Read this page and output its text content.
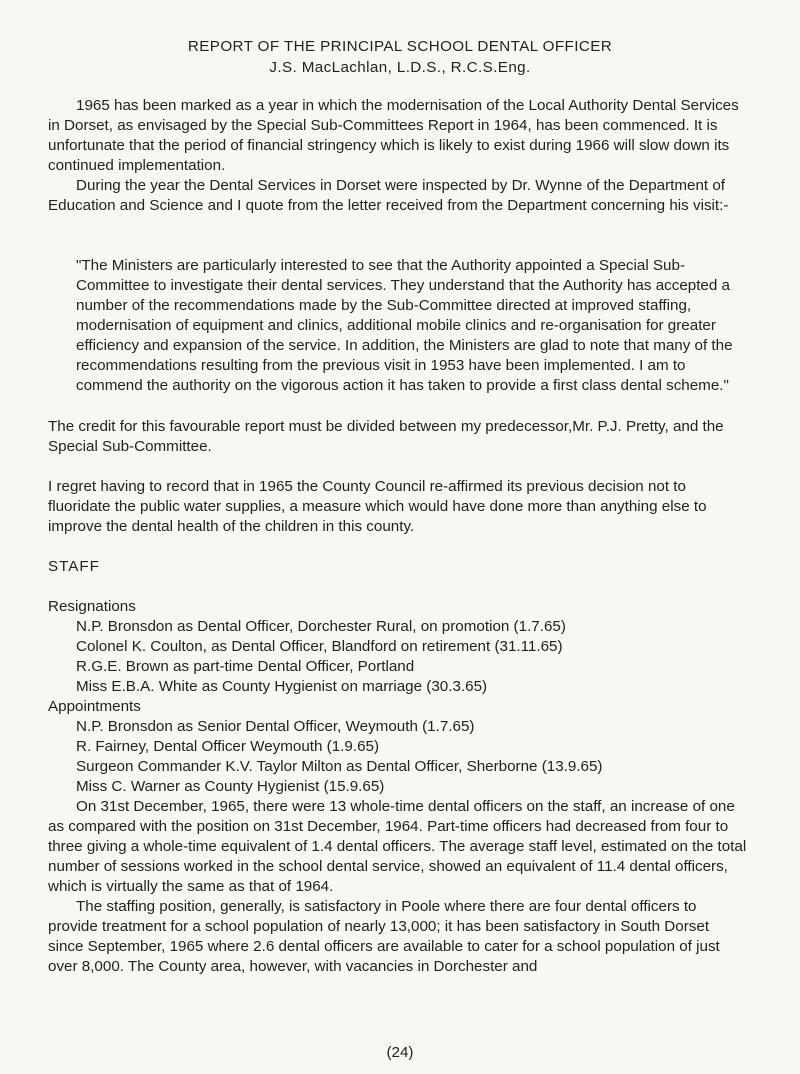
REPORT OF THE PRINCIPAL SCHOOL DENTAL OFFICER
J.S. MacLachlan, L.D.S., R.C.S.Eng.

1965 has been marked as a year in which the modernisation of the Local Authority Dental Services in Dorset, as envisaged by the Special Sub-Committees Report in 1964, has been commenced. It is unfortunate that the period of financial stringency which is likely to exist during 1966 will slow down its continued implementation.

During the year the Dental Services in Dorset were inspected by Dr. Wynne of the Department of Education and Science and I quote from the letter received from the Department concerning his visit:-

"The Ministers are particularly interested to see that the Authority appointed a Special Sub-Committee to investigate their dental services. They understand that the Authority has accepted a number of the recommendations made by the Sub-Committee directed at improved staffing, modernisation of equipment and clinics, additional mobile clinics and re-organisation for greater efficiency and expansion of the service. In addition, the Ministers are glad to note that many of the recommendations resulting from the previous visit in 1953 have been implemented. I am to commend the authority on the vigorous action it has taken to provide a first class dental scheme."

The credit for this favourable report must be divided between my predecessor,Mr. P.J. Pretty, and the Special Sub-Committee.

I regret having to record that in 1965 the County Council re-affirmed its previous decision not to fluoridate the public water supplies, a measure which would have done more than anything else to improve the dental health of the children in this county.

STAFF
Resignations
N.P. Bronsdon as Dental Officer, Dorchester Rural, on promotion (1.7.65)
Colonel K. Coulton, as Dental Officer, Blandford on retirement (31.11.65)
R.G.E. Brown as part-time Dental Officer, Portland
Miss E.B.A. White as County Hygienist on marriage (30.3.65)
Appointments
N.P. Bronsdon as Senior Dental Officer, Weymouth (1.7.65)
R. Fairney, Dental Officer Weymouth (1.9.65)
Surgeon Commander K.V. Taylor Milton as Dental Officer, Sherborne (13.9.65)
Miss C. Warner as County Hygienist (15.9.65)

On 31st December, 1965, there were 13 whole-time dental officers on the staff, an increase of one as compared with the position on 31st December, 1964. Part-time officers had decreased from four to three giving a whole-time equivalent of 1.4 dental officers. The average staff level, estimated on the total number of sessions worked in the school dental service, showed an equivalent of 11.4 dental officers, which is virtually the same as that of 1964.

The staffing position, generally, is satisfactory in Poole where there are four dental officers to provide treatment for a school population of nearly 13,000; it has been satisfactory in South Dorset since September, 1965 where 2.6 dental officers are available to cater for a school population of just over 8,000. The County area, however, with vacancies in Dorchester and

(24)
